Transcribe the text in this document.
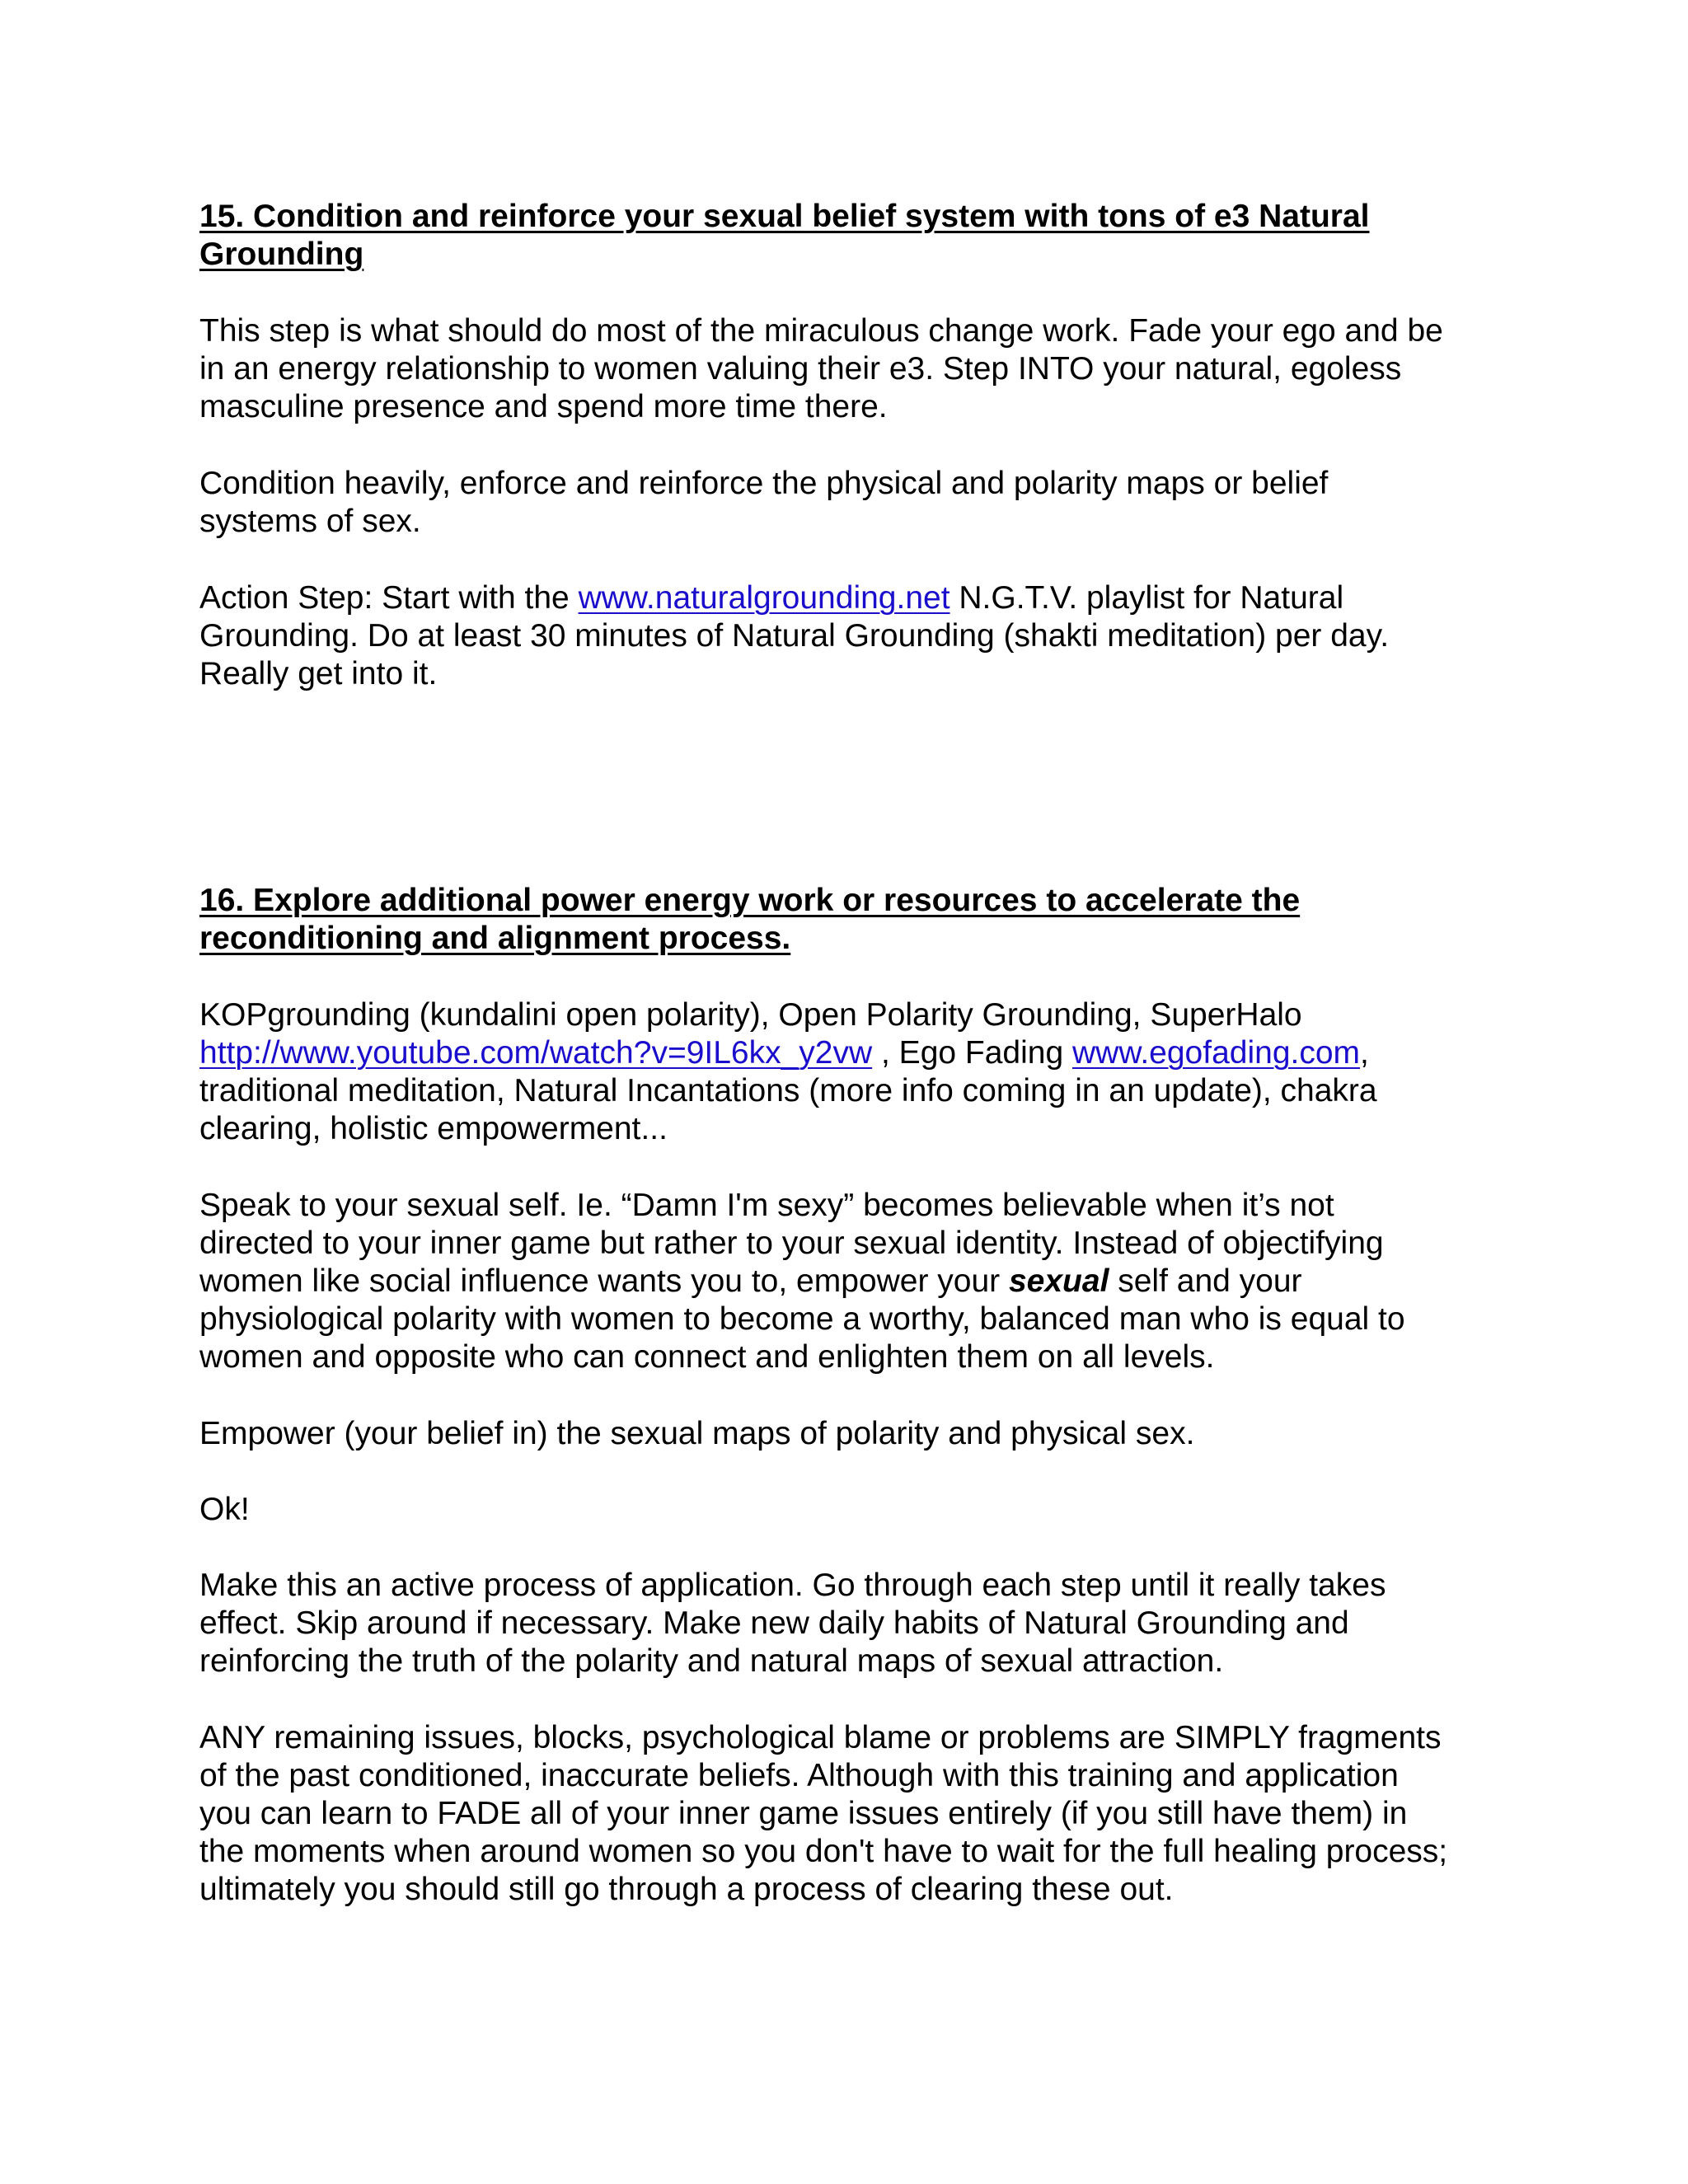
15. Condition and reinforce your sexual belief system with tons of e3 Natural
Grounding
This step is what should do most of the miraculous change work. Fade your ego and be
in an energy relationship to women valuing their e3. Step INTO your natural, egoless
masculine presence and spend more time there.
Condition heavily, enforce and reinforce the physical and polarity maps or belief
systems of sex.
Action Step: Start with the www.naturalgrounding.net N.G.T.V. playlist for Natural
Grounding. Do at least 30 minutes of Natural Grounding (shakti meditation) per day.
Really get into it.
16. Explore additional power energy work or resources to accelerate the
reconditioning and alignment process.
KOPgrounding (kundalini open polarity), Open Polarity Grounding, SuperHalo
http://www.youtube.com/watch?v=9IL6kx_y2vw , Ego Fading www.egofading.com,
traditional meditation, Natural Incantations (more info coming in an update), chakra
clearing, holistic empowerment...
Speak to your sexual self. Ie. “Damn I'm sexy” becomes believable when it’s not
directed to your inner game but rather to your sexual identity. Instead of objectifying
women like social influence wants you to, empower your sexual self and your
physiological polarity with women to become a worthy, balanced man who is equal to
women and opposite who can connect and enlighten them on all levels.
Empower (your belief in) the sexual maps of polarity and physical sex.
Ok!
Make this an active process of application. Go through each step until it really takes
effect. Skip around if necessary. Make new daily habits of Natural Grounding and
reinforcing the truth of the polarity and natural maps of sexual attraction.
ANY remaining issues, blocks, psychological blame or problems are SIMPLY fragments
of the past conditioned, inaccurate beliefs. Although with this training and application
you can learn to FADE all of your inner game issues entirely (if you still have them) in
the moments when around women so you don't have to wait for the full healing process;
ultimately you should still go through a process of clearing these out.
